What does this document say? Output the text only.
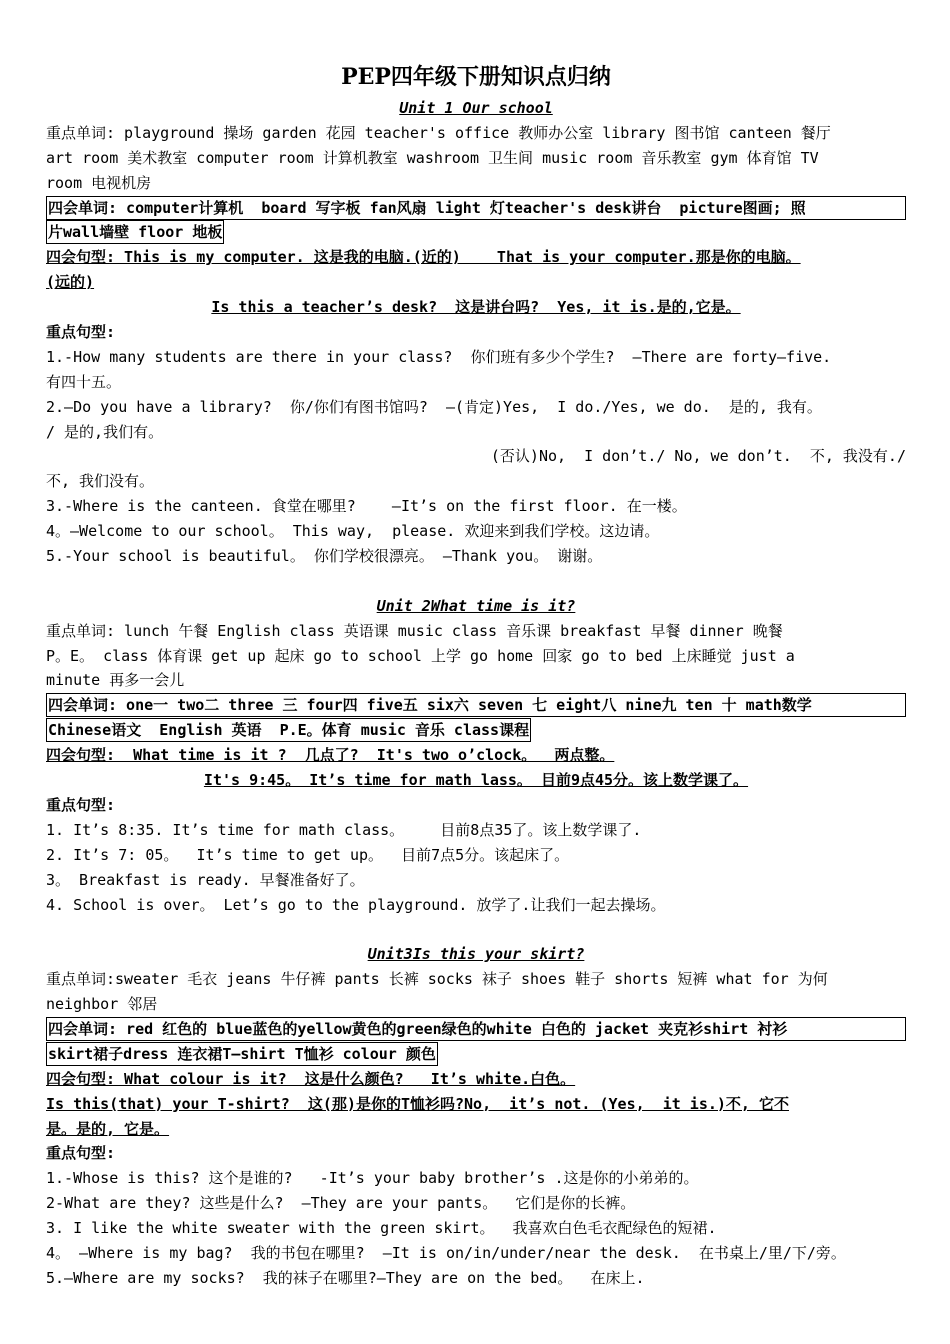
PEP四年级下册知识点归纳
Unit 1 Our school
重点单词: playground 操场 garden 花园 teacher's office 教师办公室 library 图书馆 canteen 餐厅
art room 美术教室 computer room 计算机教室 washroom 卫生间 music room 音乐教室 gym 体育馆 TV
room 电视机房
四会单词: computer计算机  board 写字板 fan风扇 light 灯teacher's desk讲台  picture图画; 照
片wall墙壁 floor 地板
四会句型: This is my computer. 这是我的电脑.(近的)    That is your computer.那是你的电脑。
(远的)
Is this a teacher’s desk?  这是讲台吗?  Yes, it is.是的,它是。
重点句型:
1.-How many students are there in your class?  你们班有多少个学生?  —There are forty—five.
有四十五。
2.—Do you have a library?  你/你们有图书馆吗?  —(肯定)Yes,  I do./Yes, we do.  是的, 我有。
/ 是的,我们有。
(否认)No,  I don’t./ No, we don’t.  不, 我没有./
不, 我们没有。
3.-Where is the canteen. 食堂在哪里?    —It’s on the first floor. 在一楼。
4。—Welcome to our school。 This way,  please. 欢迎来到我们学校。这边请。
5.-Your school is beautiful。 你们学校很漂亮。 —Thank you。 谢谢。
Unit 2What time is it?
重点单词: lunch 午餐 English class 英语课 music class 音乐课 breakfast 早餐 dinner 晚餐
P。E。 class 体育课 get up 起床 go to school 上学 go home 回家 go to bed 上床睡觉 just a
minute 再多一会儿
四会单词: one一 two二 three 三 four四 five五 six六 seven 七 eight八 nine九 ten 十 math数学
Chinese语文  English 英语  P.E。体育 music 音乐 class课程
四会句型:  What time is it ?  几点了?  It's two o’clock。  两点整。
It's 9:45。 It’s time for math lass。 目前9点45分。该上数学课了。
重点句型:
1. It’s 8:35. It’s time for math class。    目前8点35了。该上数学课了.
2. It’s 7: 05。  It’s time to get up。  目前7点5分。该起床了。
3。 Breakfast is ready. 早餐准备好了。
4. School is over。 Let’s go to the playground. 放学了.让我们一起去操场。
Unit3Is this your skirt?
重点单词:sweater 毛衣 jeans 牛仔裤 pants 长裤 socks 袜子 shoes 鞋子 shorts 短裤 what for 为何
neighbor 邻居
四会单词: red 红色的 blue蓝色的yellow黄色的green绿色的white 白色的 jacket 夹克衫shirt 衬衫
skirt裙子dress 连衣裙T—shirt T恤衫 colour 颜色
四会句型: What colour is it?  这是什么颜色?   It’s white.白色。
Is this(that) your T-shirt?  这(那)是你的T恤衫吗?No,  it’s not. (Yes,  it is.)不, 它不
是。是的, 它是。
重点句型:
1.-Whose is this? 这个是谁的?   -It’s your baby brother’s .这是你的小弟弟的。
2-What are they? 这些是什么?  —They are your pants。  它们是你的长裤。
3. I like the white sweater with the green skirt。  我喜欢白色毛衣配绿色的短裙.
4。 —Where is my bag?  我的书包在哪里?  —It is on/in/under/near the desk.  在书桌上/里/下/旁。
5.—Where are my socks?  我的袜子在哪里?—They are on the bed。  在床上.
